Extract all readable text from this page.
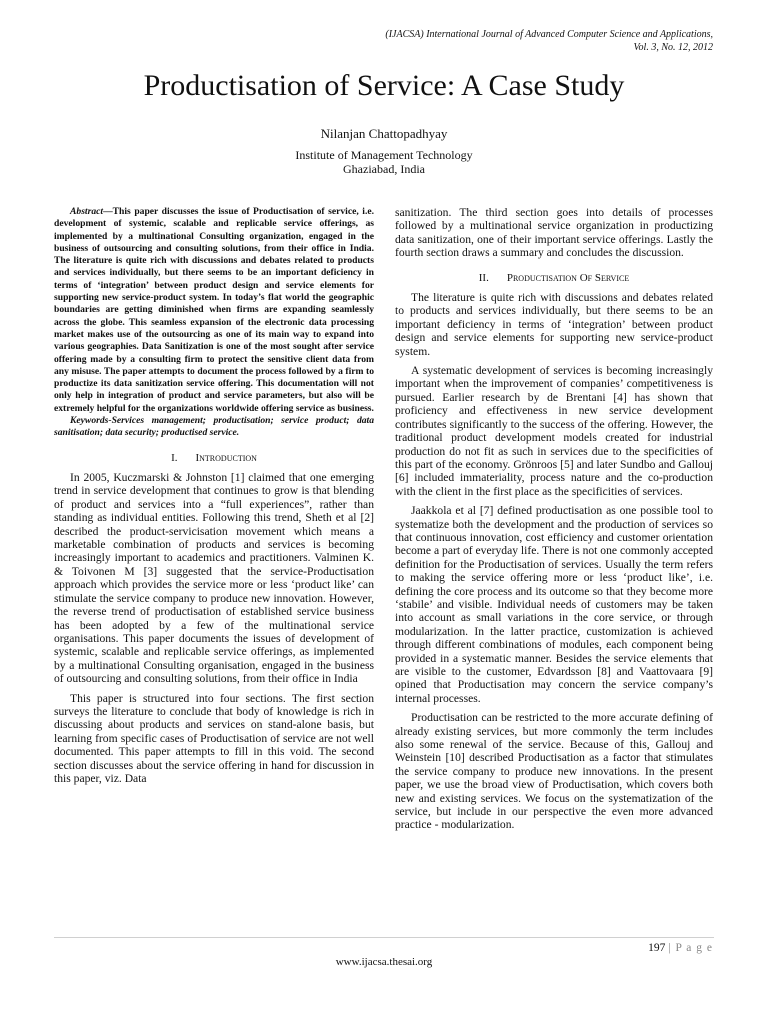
(IJACSA) International Journal of Advanced Computer Science and Applications,
Vol. 3, No. 12, 2012
Productisation of Service: A Case Study
Nilanjan Chattopadhyay
Institute of Management Technology
Ghaziabad, India

Abstract—This paper discusses the issue of Productisation of service, i.e. development of systemic, scalable and replicable service offerings, as implemented by a multinational Consulting organization, engaged in the business of outsourcing and consulting solutions, from their office in India. The literature is quite rich with discussions and debates related to products and services individually, but there seems to be an important deficiency in terms of ‘integration’ between product design and service elements for supporting new service-product system. In today’s flat world the geographic boundaries are getting diminished when firms are expanding seamlessly across the globe. This seamless expansion of the electronic data processing market makes use of the outsourcing as one of its main way to expand into various geographies. Data Sanitization is one of the most sought after service offering made by a consulting firm to protect the sensitive client data from any misuse. The paper attempts to document the process followed by a firm to productize its data sanitization service offering. This documentation will not only help in integration of product and service parameters, but also will be extremely helpful for the organizations worldwide offering service as business.

Keywords-Services management; productisation; service product; data sanitisation; data security; productised service.

I. Introduction

In 2005, Kuczmarski & Johnston [1] claimed that one emerging trend in service development that continues to grow is that blending of product and services into a “full experiences”, rather than standing as individual entities. Following this trend, Sheth et al [2] described the product-servicisation movement which means a marketable combination of products and services is becoming increasingly important to academics and practitioners. Valminen K. & Toivonen M [3] suggested that the service-Productisation approach which provides the service more or less ‘product like’ can stimulate the service company to produce new innovation. However, the reverse trend of productisation of established service business has been adopted by a few of the multinational service organisations. This paper documents the issues of development of systemic, scalable and replicable service offerings, as implemented by a multinational Consulting organisation, engaged in the business of outsourcing and consulting solutions, from their office in India

This paper is structured into four sections. The first section surveys the literature to conclude that body of knowledge is rich in discussing about products and services on stand-alone basis, but learning from specific cases of Productisation of service are not well documented. This paper attempts to fill in this void. The second section discusses about the service offering in hand for discussion in this paper, viz. Data

sanitization. The third section goes into details of processes followed by a multinational service organization in productizing data sanitization, one of their important service offerings. Lastly the fourth section draws a summary and concludes the discussion.

II. Productisation Of Service

The literature is quite rich with discussions and debates related to products and services individually, but there seems to be an important deficiency in terms of ‘integration’ between product design and service elements for supporting new service-product system.

A systematic development of services is becoming increasingly important when the improvement of companies’ competitiveness is pursued. Earlier research by de Brentani [4] has shown that proficiency and effectiveness in new service development contributes significantly to the success of the offering. However, the traditional product development models created for industrial production do not fit as such in services due to the specificities of this part of the economy. Grönroos [5] and later Sundbo and Gallouj [6] included immateriality, process nature and the co-production with the client in the first place as the specificities of services.

Jaakkola et al [7] defined productisation as one possible tool to systematize both the development and the production of services so that continuous innovation, cost efficiency and customer orientation become a part of everyday life. There is not one commonly accepted definition for the Productisation of services. Usually the term refers to making the service offering more or less ‘product like’, i.e. defining the core process and its outcome so that they become more ‘stabile’ and visible. Individual needs of customers may be taken into account as small variations in the core service, or through modularization. In the latter practice, customization is achieved through different combinations of modules, each component being provided in a systematic manner. Besides the service elements that are visible to the customer, Edvardsson [8] and Vaattovaara [9] opined that Productisation may concern the service company’s internal processes.

Productisation can be restricted to the more accurate defining of already existing services, but more commonly the term includes also some renewal of the service. Because of this, Gallouj and Weinstein [10] described Productisation as a factor that stimulates the service company to produce new innovations. In the present paper, we use the broad view of Productisation, which covers both new and existing services. We focus on the systematization of the service, but include in our perspective the even more advanced practice - modularization.

197 | P a g e
www.ijacsa.thesai.org
